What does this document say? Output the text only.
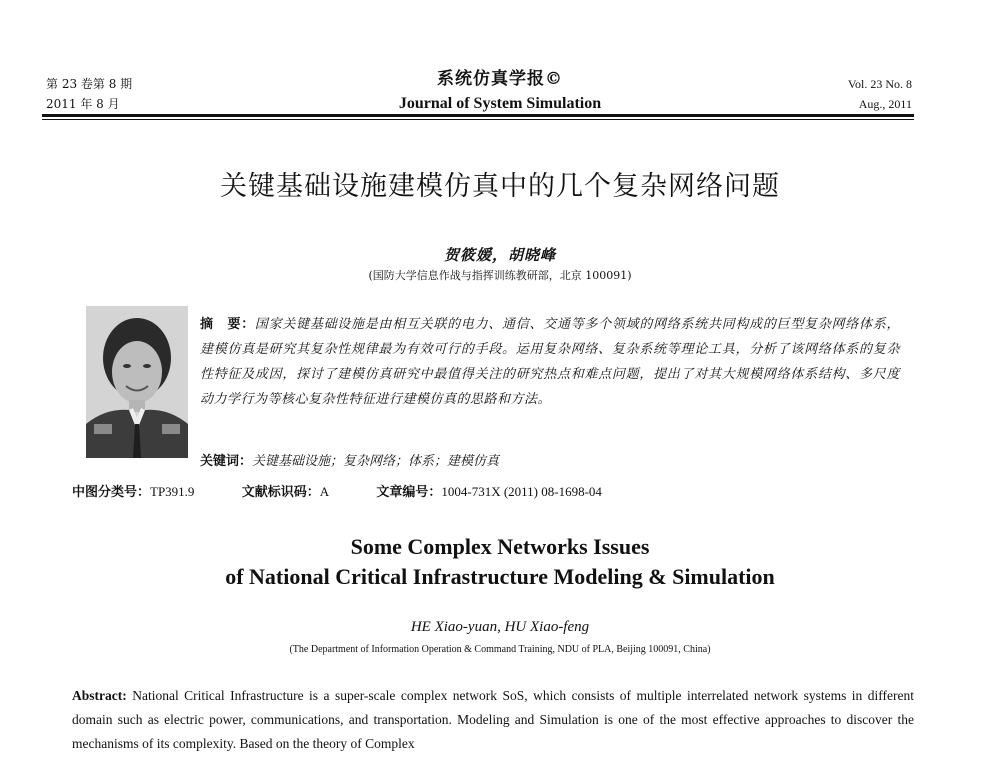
第 23 卷第 8 期
2011 年 8 月
系统仿真学报©
Journal of System Simulation
Vol. 23 No. 8
Aug., 2011
关键基础设施建模仿真中的几个复杂网络问题
贺筱媛，胡晓峰
(国防大学信息作战与指挥训练教研部，北京 100091)
摘　要：国家关键基础设施是由相互关联的电力、通信、交通等多个领域的网络系统共同构成的巨型复杂网络体系，建模仿真是研究其复杂性规律最为有效可行的手段。运用复杂网络、复杂系统等理论工具，分析了该网络体系的复杂性特征及成因，探讨了建模仿真研究中最值得关注的研究热点和难点问题，提出了对其大规模网络体系结构、多尺度动力学行为等核心复杂性特征进行建模仿真的思路和方法。
关键词：关键基础设施；复杂网络；体系；建模仿真
中图分类号：TP391.9	文献标识码：A	文章编号：1004-731X (2011) 08-1698-04
Some Complex Networks Issues
of National Critical Infrastructure Modeling & Simulation
HE Xiao-yuan, HU Xiao-feng
(The Department of Information Operation & Command Training, NDU of PLA, Beijing 100091, China)
Abstract: National Critical Infrastructure is a super-scale complex network SoS, which consists of multiple interrelated network systems in different domain such as electric power, communications, and transportation. Modeling and Simulation is one of the most effective approaches to discover the mechanisms of its complexity. Based on the theory of Complex
